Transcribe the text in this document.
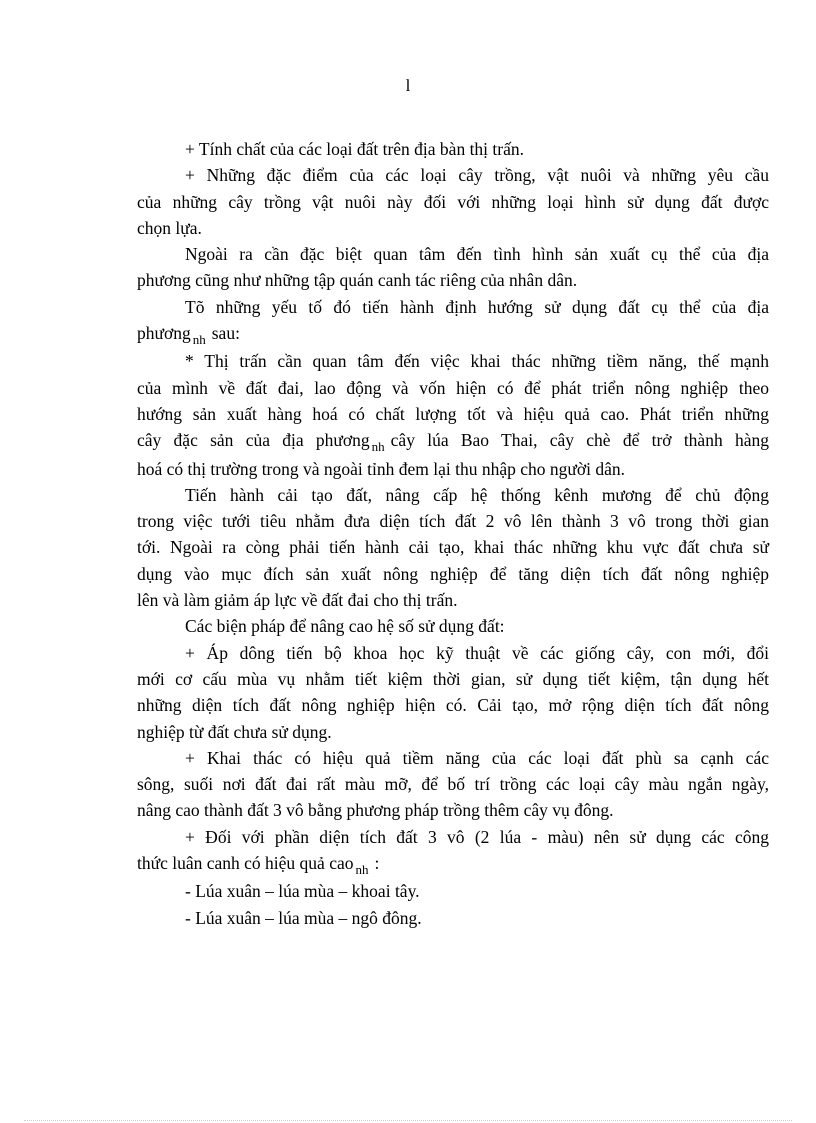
l

+ Tính chất của các loại đất trên địa bàn thị trấn.

+ Những đặc điểm của các loại cây trồng, vật nuôi và những yêu cầu
của những cây trồng vật nuôi này đối với những loại hình sử dụng đất được
chọn lựa.

Ngoài ra cần đặc biệt quan tâm đến tình hình sản xuất cụ thể của địa
phương cũng như những tập quán canh tác riêng của nhân dân.

Tõ những yếu tố đó tiến hành định hướng sử dụng đất cụ thể của địa
phương $_{nh}$ sau:

* Thị trấn cần quan tâm đến việc khai thác những tiềm năng, thế mạnh
của mình về đất đai, lao động và vốn hiện có để phát triển nông nghiệp theo
hướng sản xuất hàng hoá có chất lượng tốt và hiệu quả cao. Phát triển những
cây đặc sản của địa phương $_{nh}$ cây lúa Bao Thai, cây chè để trở thành hàng
hoá có thị trường trong và ngoài tỉnh đem lại thu nhập cho người dân.

Tiến hành cải tạo đất, nâng cấp hệ thống kênh mương để chủ động
trong việc tưới tiêu nhằm đưa diện tích đất 2 vô lên thành 3 vô trong thời gian
tới. Ngoài ra còng phải tiến hành cải tạo, khai thác những khu vực đất chưa sử
dụng vào mục đích sản xuất nông nghiệp để tăng diện tích đất nông nghiệp
lên và làm giảm áp lực về đất đai cho thị trấn.

Các biện pháp để nâng cao hệ số sử dụng đất:

+ Áp dông tiến bộ khoa học kỹ thuật về các giống cây, con mới, đổi
mới cơ cấu mùa vụ nhằm tiết kiệm thời gian, sử dụng tiết kiệm, tận dụng hết
những diện tích đất nông nghiệp hiện có. Cải tạo, mở rộng diện tích đất nông
nghiệp từ đất chưa sử dụng.

+ Khai thác có hiệu quả tiềm năng của các loại đất phù sa cạnh các
sông, suối nơi đất đai rất màu mỡ, để bố trí trồng các loại cây màu ngắn ngày,
nâng cao thành đất 3 vô bằng phương pháp trồng thêm cây vụ đông.

+ Đối với phần diện tích đất 3 vô (2 lúa - màu) nên sử dụng các công
thức luân canh có hiệu quả cao $_{nh}$ :

- Lúa xuân – lúa mùa – khoai tây.

- Lúa xuân – lúa mùa – ngô đông.
